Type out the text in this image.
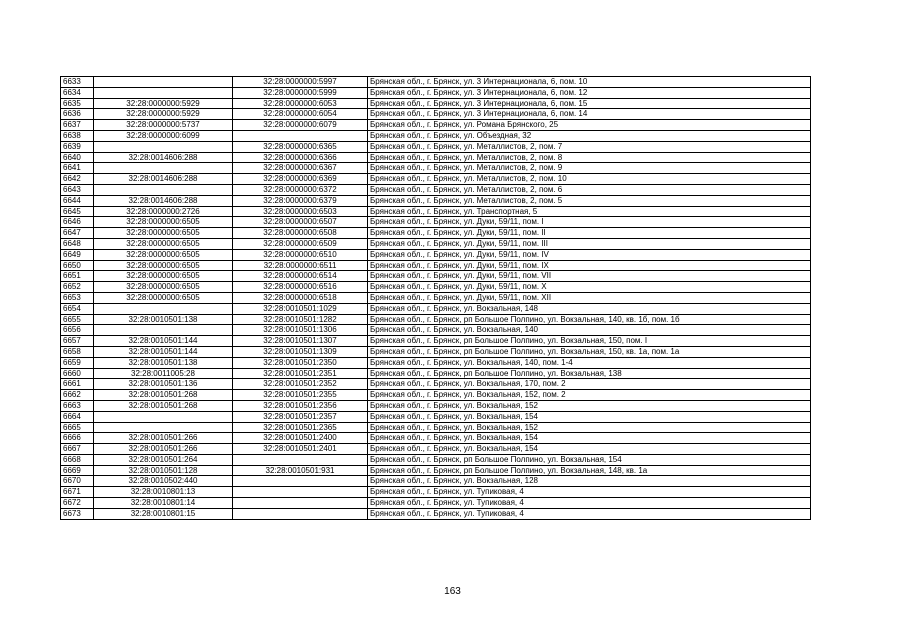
6633		32:28:0000000:5997	Брянская обл., г. Брянск, ул. 3 Интернационала, 6, пом. 10
6634		32:28:0000000:5999	Брянская обл., г. Брянск, ул. 3 Интернационала, 6, пом. 12
6635	32:28:0000000:5929	32:28:0000000:6053	Брянская обл., г. Брянск, ул. 3 Интернационала, 6, пом. 15
6636	32:28:0000000:5929	32:28:0000000:6054	Брянская обл., г. Брянск, ул. 3 Интернационала, 6, пом. 14
6637	32:28:0000000:5737	32:28:0000000:6079	Брянская обл., г. Брянск, ул. Романа Брянского, 25
6638	32:28:0000000:6099		Брянская обл., г. Брянск, ул. Объездная, 32
6639		32:28:0000000:6365	Брянская обл., г. Брянск, ул. Металлистов, 2, пом. 7
6640	32:28:0014606:288	32:28:0000000:6366	Брянская обл., г. Брянск, ул. Металлистов, 2, пом. 8
6641		32:28:0000000:6367	Брянская обл., г. Брянск, ул. Металлистов, 2, пом. 9
6642	32:28:0014606:288	32:28:0000000:6369	Брянская обл., г. Брянск, ул. Металлистов, 2, пом. 10
6643		32:28:0000000:6372	Брянская обл., г. Брянск, ул. Металлистов, 2, пом. 6
6644	32:28:0014606:288	32:28:0000000:6379	Брянская обл., г. Брянск, ул. Металлистов, 2, пом. 5
6645	32:28:0000000:2726	32:28:0000000:6503	Брянская обл., г. Брянск, ул. Транспортная, 5
6646	32:28:0000000:6505	32:28:0000000:6507	Брянская обл., г. Брянск, ул. Дуки, 59/11, пом. I
6647	32:28:0000000:6505	32:28:0000000:6508	Брянская обл., г. Брянск, ул. Дуки, 59/11, пом. II
6648	32:28:0000000:6505	32:28:0000000:6509	Брянская обл., г. Брянск, ул. Дуки, 59/11, пом. III
6649	32:28:0000000:6505	32:28:0000000:6510	Брянская обл., г. Брянск, ул. Дуки, 59/11, пом. IV
6650	32:28:0000000:6505	32:28:0000000:6511	Брянская обл., г. Брянск, ул. Дуки, 59/11, пом. IX
6651	32:28:0000000:6505	32:28:0000000:6514	Брянская обл., г. Брянск, ул. Дуки, 59/11, пом. VII
6652	32:28:0000000:6505	32:28:0000000:6516	Брянская обл., г. Брянск, ул. Дуки, 59/11, пом. X
6653	32:28:0000000:6505	32:28:0000000:6518	Брянская обл., г. Брянск, ул. Дуки, 59/11, пом. XII
6654		32:28:0010501:1029	Брянская обл., г. Брянск, ул. Вокзальная, 148
6655	32:28:0010501:138	32:28:0010501:1282	Брянская обл., г. Брянск, рп Большое Полпино, ул. Вокзальная, 140, кв. 1б, пом. 1б
6656		32:28:0010501:1306	Брянская обл., г. Брянск, ул. Вокзальная, 140
6657	32:28:0010501:144	32:28:0010501:1307	Брянская обл., г. Брянск, рп Большое Полпино, ул. Вокзальная, 150, пом. I
6658	32:28:0010501:144	32:28:0010501:1309	Брянская обл., г. Брянск, рп Большое Полпино, ул. Вокзальная, 150, кв. 1а, пом. 1а
6659	32:28:0010501:138	32:28:0010501:2350	Брянская обл., г. Брянск, ул. Вокзальная, 140, пом. 1-4
6660	32:28:0011005:28	32:28:0010501:2351	Брянская обл., г. Брянск, рп Большое Полпино, ул. Вокзальная, 138
6661	32:28:0010501:136	32:28:0010501:2352	Брянская обл., г. Брянск, ул. Вокзальная, 170, пом. 2
6662	32:28:0010501:268	32:28:0010501:2355	Брянская обл., г. Брянск, ул. Вокзальная, 152, пом. 2
6663	32:28:0010501:268	32:28:0010501:2356	Брянская обл., г. Брянск, ул. Вокзальная, 152
6664		32:28:0010501:2357	Брянская обл., г. Брянск, ул. Вокзальная, 154
6665		32:28:0010501:2365	Брянская обл., г. Брянск, ул. Вокзальная, 152
6666	32:28:0010501:266	32:28:0010501:2400	Брянская обл., г. Брянск, ул. Вокзальная, 154
6667	32:28:0010501:266	32:28:0010501:2401	Брянская обл., г. Брянск, ул. Вокзальная, 154
6668	32:28:0010501:264		Брянская обл., г. Брянск, рп Большое Полпино, ул. Вокзальная, 154
6669	32:28:0010501:128	32:28:0010501:931	Брянская обл., г. Брянск, рп Большое Полпино, ул. Вокзальная, 148, кв. 1а
6670	32:28:0010502:440		Брянская обл., г. Брянск, ул. Вокзальная, 128
6671	32:28:0010801:13		Брянская обл., г. Брянск, ул. Тупиковая, 4
6672	32:28:0010801:14		Брянская обл., г. Брянск, ул. Тупиковая, 4
6673	32:28:0010801:15		Брянская обл., г. Брянск, ул. Тупиковая, 4
163
